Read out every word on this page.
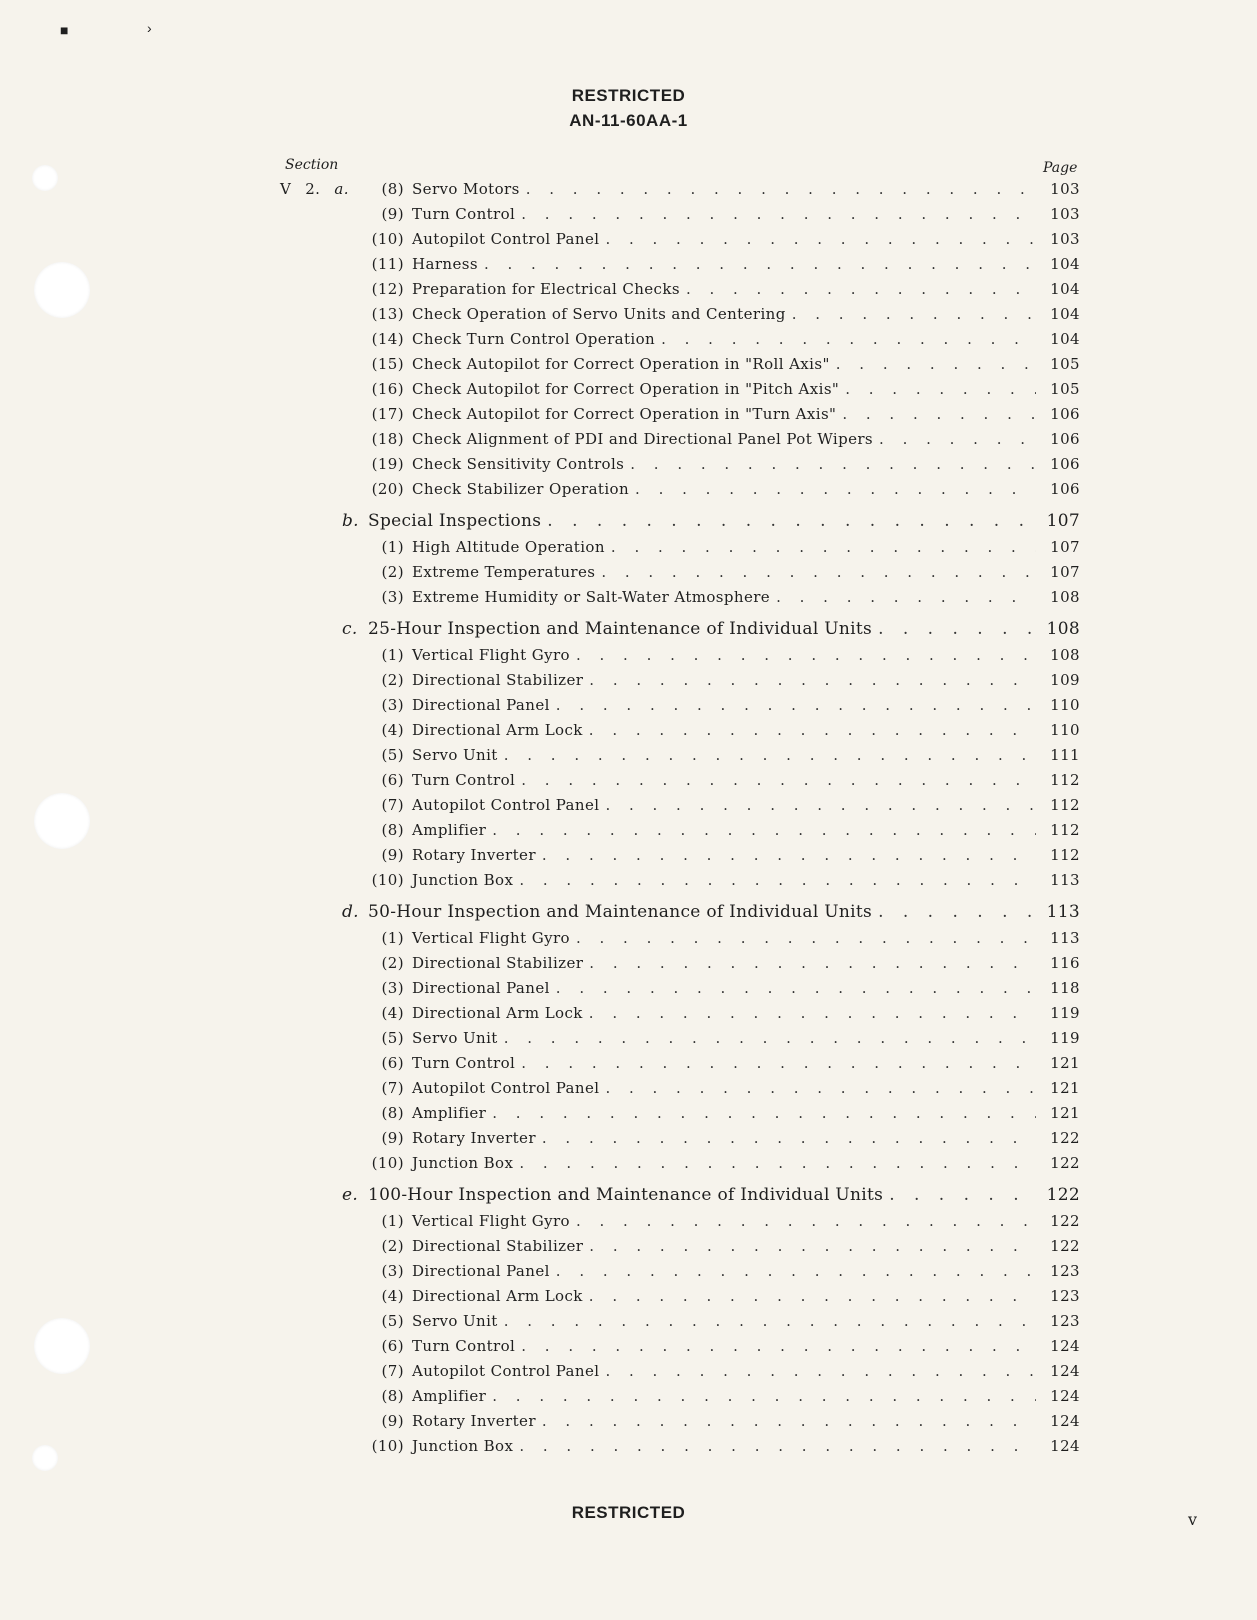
■	›
RESTRICTED
AN-11-60AA-1
Section	Page
V 2. a.	(8) Servo Motors . . .	103
(9) Turn Control . . .	103
(10) Autopilot Control Panel . . .	103
(11) Harness . . .	104
(12) Preparation for Electrical Checks . . .	104
(13) Check Operation of Servo Units and Centering . . .	104
(14) Check Turn Control Operation . . .	104
(15) Check Autopilot for Correct Operation in "Roll Axis" . . .	105
(16) Check Autopilot for Correct Operation in "Pitch Axis" . . .	105
(17) Check Autopilot for Correct Operation in "Turn Axis" . . .	106
(18) Check Alignment of PDI and Directional Panel Pot Wipers . . .	106
(19) Check Sensitivity Controls . . .	106
(20) Check Stabilizer Operation . . .	106
b. Special Inspections . . .	107
(1) High Altitude Operation . . .	107
(2) Extreme Temperatures . . .	107
(3) Extreme Humidity or Salt-Water Atmosphere . . .	108
c. 25-Hour Inspection and Maintenance of Individual Units . . .	108
(1) Vertical Flight Gyro . . .	108
(2) Directional Stabilizer . . .	109
(3) Directional Panel . . .	110
(4) Directional Arm Lock . . .	110
(5) Servo Unit . . .	111
(6) Turn Control . . .	112
(7) Autopilot Control Panel . . .	112
(8) Amplifier . . .	112
(9) Rotary Inverter . . .	112
(10) Junction Box . . .	113
d. 50-Hour Inspection and Maintenance of Individual Units . . .	113
(1) Vertical Flight Gyro . . .	113
(2) Directional Stabilizer . . .	116
(3) Directional Panel . . .	118
(4) Directional Arm Lock . . .	119
(5) Servo Unit . . .	119
(6) Turn Control . . .	121
(7) Autopilot Control Panel . . .	121
(8) Amplifier . . .	121
(9) Rotary Inverter . . .	122
(10) Junction Box . . .	122
e. 100-Hour Inspection and Maintenance of Individual Units . . .	122
(1) Vertical Flight Gyro . . .	122
(2) Directional Stabilizer . . .	122
(3) Directional Panel . . .	123
(4) Directional Arm Lock . . .	123
(5) Servo Unit . . .	123
(6) Turn Control . . .	124
(7) Autopilot Control Panel . . .	124
(8) Amplifier . . .	124
(9) Rotary Inverter . . .	124
(10) Junction Box . . .	124
RESTRICTED	v
